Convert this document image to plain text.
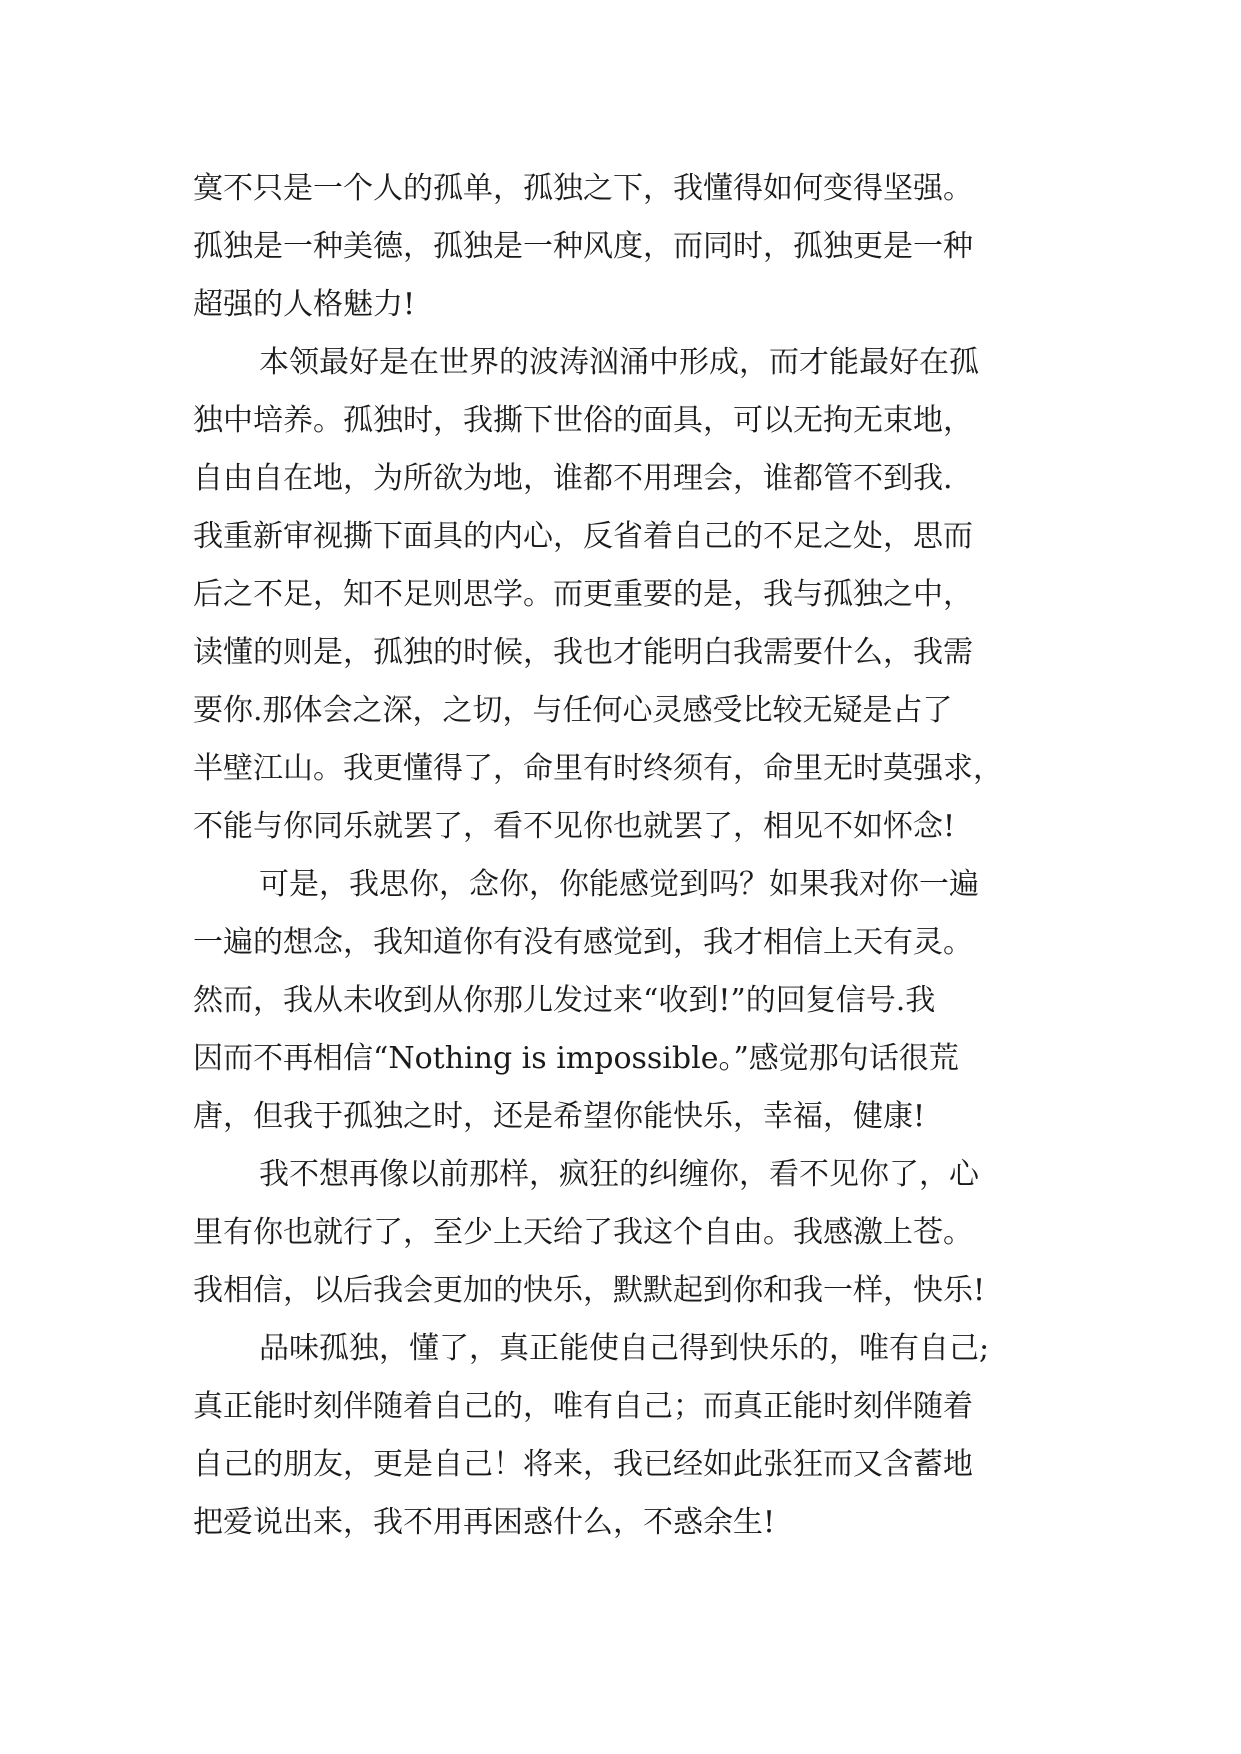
寞不只是一个人的孤单，孤独之下，我懂得如何变得坚强。
孤独是一种美德，孤独是一种风度，而同时，孤独更是一种
超强的人格魅力!
本领最好是在世界的波涛汹涌中形成，而才能最好在孤
独中培养。孤独时，我撕下世俗的面具，可以无拘无束地，
自由自在地，为所欲为地，谁都不用理会，谁都管不到我.
我重新审视撕下面具的内心，反省着自己的不足之处，思而
后之不足，知不足则思学。而更重要的是，我与孤独之中，
读懂的则是，孤独的时候，我也才能明白我需要什么，我需
要你.那体会之深，之切，与任何心灵感受比较无疑是占了
半壁江山。我更懂得了，命里有时终须有，命里无时莫强求，
不能与你同乐就罢了，看不见你也就罢了，相见不如怀念!
可是，我思你，念你，你能感觉到吗？如果我对你一遍
一遍的想念，我知道你有没有感觉到，我才相信上天有灵。
然而，我从未收到从你那儿发过来“收到!”的回复信号.我
因而不再相信“Nothing is impossible。”感觉那句话很荒
唐，但我于孤独之时，还是希望你能快乐，幸福，健康!
我不想再像以前那样，疯狂的纠缠你，看不见你了，心
里有你也就行了，至少上天给了我这个自由。我感激上苍。
我相信，以后我会更加的快乐，默默起到你和我一样，快乐!
品味孤独，懂了，真正能使自己得到快乐的，唯有自己;
真正能时刻伴随着自己的，唯有自己；而真正能时刻伴随着
自己的朋友，更是自己！将来，我已经如此张狂而又含蓄地
把爱说出来，我不用再困惑什么，不惑余生!
